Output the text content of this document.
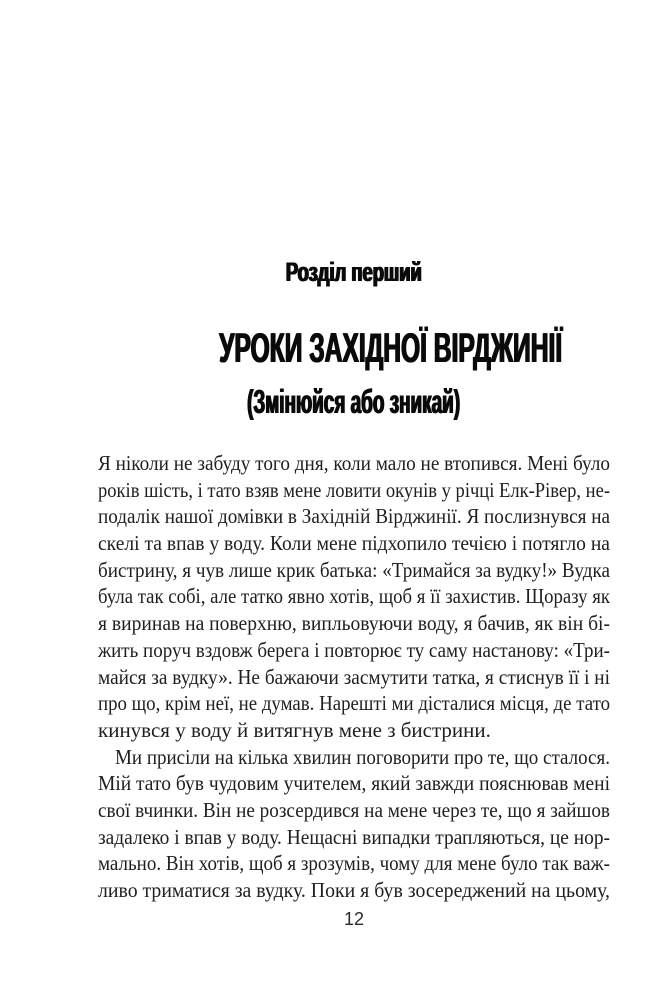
Розділ перший
УРОКИ ЗАХІДНОЇ ВІРДЖИНІЇ
(Змінюйся або зникай)
Я ніколи не забуду того дня, коли мало не втопився. Мені було
років шість, і тато взяв мене ловити окунів у річці Елк-Рівер, не-
подалік нашої домівки в Західній Вірджинії. Я послизнувся на
скелі та впав у воду. Коли мене підхопило течією і потягло на
бистрину, я чув лише крик батька: «Тримайся за вудку!» Вудка
була так собі, але татко явно хотів, щоб я її захистив. Щоразу як
я виринав на поверхню, випльовуючи воду, я бачив, як він бі-
жить поруч вздовж берега і повторює ту саму настанову: «Три-
майся за вудку». Не бажаючи засмутити татка, я стиснув її і ні
про що, крім неї, не думав. Нарешті ми дісталися місця, де тато
кинувся у воду й витягнув мене з бистрини.
Ми присіли на кілька хвилин поговорити про те, що сталося.
Мій тато був чудовим учителем, який завжди пояснював мені
свої вчинки. Він не розсердився на мене через те, що я зайшов
задалеко і впав у воду. Нещасні випадки трапляються, це нор-
мально. Він хотів, щоб я зрозумів, чому для мене було так важ-
ливо триматися за вудку. Поки я був зосереджений на цьому,
12
